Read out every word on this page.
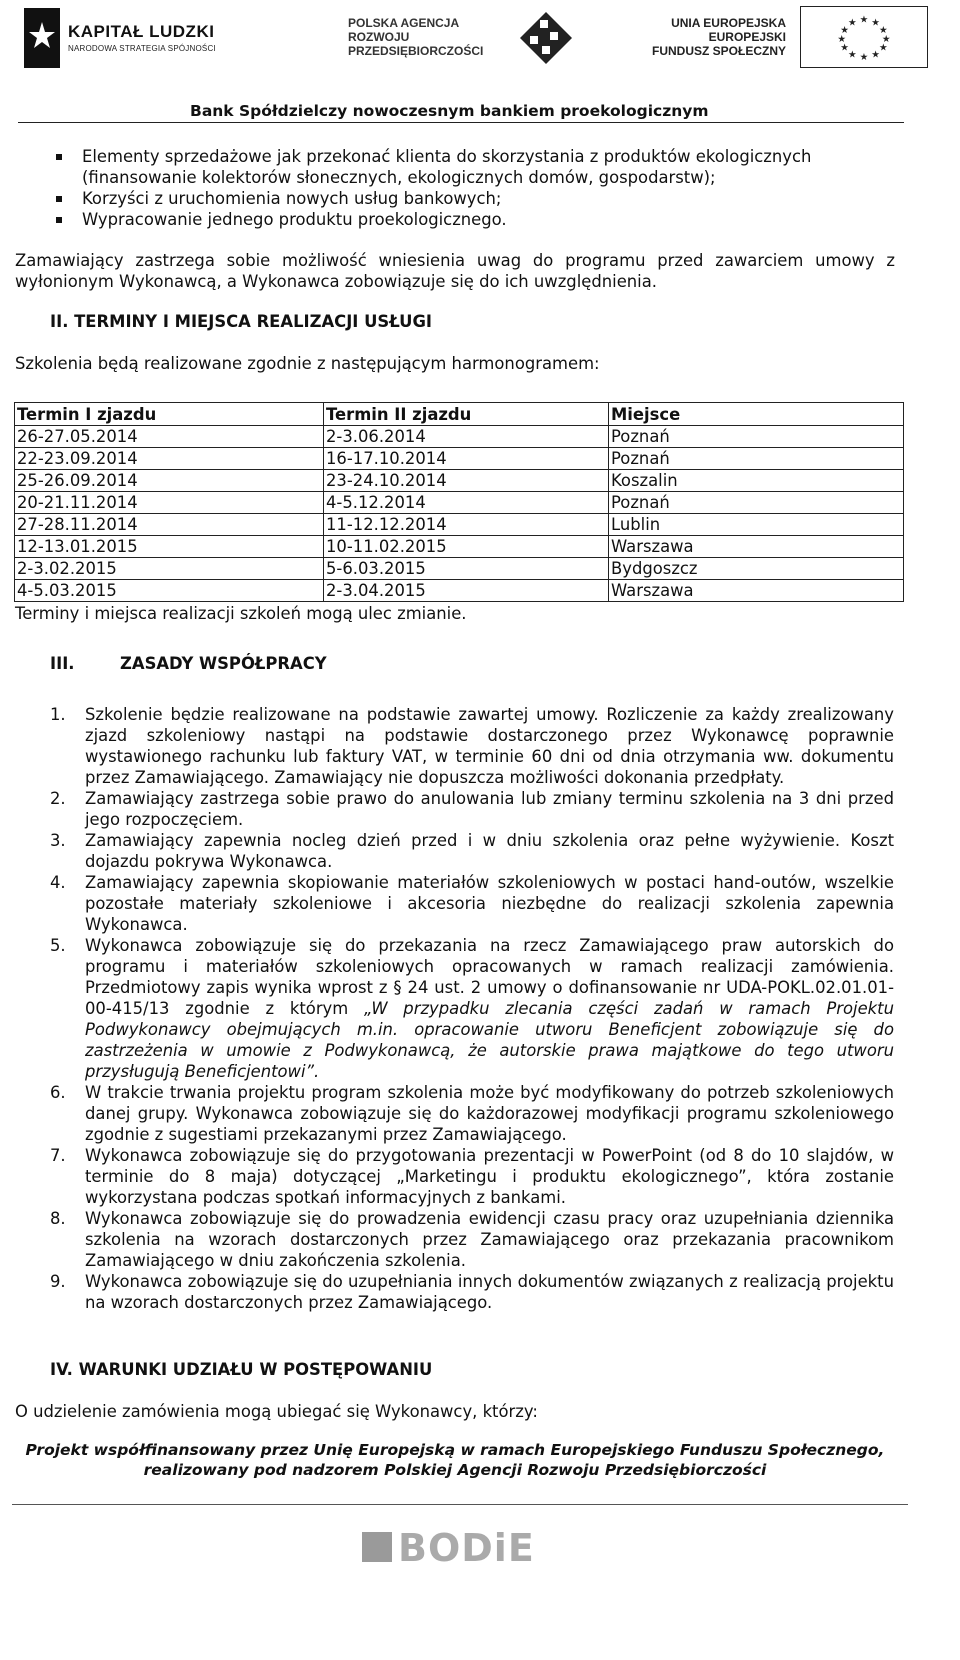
KAPITAŁ LUDZKI
NARODOWA STRATEGIA SPÓJNOŚCI
POLSKA AGENCJA
ROZWOJU
PRZEDSIĘBIORCZOŚCI
UNIA EUROPEJSKA
EUROPEJSKI
FUNDUSZ SPOŁECZNY
★ ★
★
★
★
★
★
★
★
★
★
★
Bank Spółdzielczy nowoczesnym bankiem proekologicznym
Elementy sprzedażowe jak przekonać klienta do skorzystania z produktów ekologicznych (finansowanie kolektorów słonecznych, ekologicznych domów, gospodarstw);
Korzyści z uruchomienia nowych usług bankowych;
Wypracowanie jednego produktu proekologicznego.
Zamawiający zastrzega sobie możliwość wniesienia uwag do programu przed zawarciem umowy z wyłonionym Wykonawcą, a Wykonawca zobowiązuje się do ich uwzględnienia.
II. TERMINY I MIEJSCA REALIZACJI USŁUGI
Szkolenia będą realizowane zgodnie z następującym harmonogramem:
Termin I zjazdu	Termin II zjazdu	Miejsce
26-27.05.2014	2-3.06.2014	Poznań
22-23.09.2014	16-17.10.2014	Poznań
25-26.09.2014	23-24.10.2014	Koszalin
20-21.11.2014	4-5.12.2014	Poznań
27-28.11.2014	11-12.12.2014	Lublin
12-13.01.2015	10-11.02.2015	Warszawa
2-3.02.2015	5-6.03.2015	Bydgoszcz
4-5.03.2015	2-3.04.2015	Warszawa
Terminy i miejsca realizacji szkoleń mogą ulec zmianie.
III.	ZASADY WSPÓŁPRACY
1. Szkolenie będzie realizowane na podstawie zawartej umowy. Rozliczenie za każdy zrealizowany zjazd szkoleniowy nastąpi na podstawie dostarczonego przez Wykonawcę poprawnie wystawionego rachunku lub faktury VAT, w terminie 60 dni od dnia otrzymania ww. dokumentu przez Zamawiającego. Zamawiający nie dopuszcza możliwości dokonania przedpłaty.
2. Zamawiający zastrzega sobie prawo do anulowania lub zmiany terminu szkolenia na 3 dni przed jego rozpoczęciem.
3. Zamawiający zapewnia nocleg dzień przed i w dniu szkolenia oraz pełne wyżywienie. Koszt dojazdu pokrywa Wykonawca.
4. Zamawiający zapewnia skopiowanie materiałów szkoleniowych w postaci hand-outów, wszelkie pozostałe materiały szkoleniowe i akcesoria niezbędne do realizacji szkolenia zapewnia Wykonawca.
5. Wykonawca zobowiązuje się do przekazania na rzecz Zamawiającego praw autorskich do programu i materiałów szkoleniowych opracowanych w ramach realizacji zamówienia. Przedmiotowy zapis wynika wprost z § 24 ust. 2 umowy o dofinansowanie nr UDA-POKL.02.01.01-00-415/13 zgodnie z którym „W przypadku zlecania części zadań w ramach Projektu Podwykonawcy obejmujących m.in. opracowanie utworu Beneficjent zobowiązuje się do zastrzeżenia w umowie z Podwykonawcą, że autorskie prawa majątkowe do tego utworu przysługują Beneficjentowi”.
6. W trakcie trwania projektu program szkolenia może być modyfikowany do potrzeb szkoleniowych danej grupy. Wykonawca zobowiązuje się do każdorazowej modyfikacji programu szkoleniowego zgodnie z sugestiami przekazanymi przez Zamawiającego.
7. Wykonawca zobowiązuje się do przygotowania prezentacji w PowerPoint (od 8 do 10 slajdów, w terminie do 8 maja) dotyczącej „Marketingu i produktu ekologicznego”, która zostanie wykorzystana podczas spotkań informacyjnych z bankami.
8. Wykonawca zobowiązuje się do prowadzenia ewidencji czasu pracy oraz uzupełniania dziennika szkolenia na wzorach dostarczonych przez Zamawiającego oraz przekazania pracownikom Zamawiającego w dniu zakończenia szkolenia.
9. Wykonawca zobowiązuje się do uzupełniania innych dokumentów związanych z realizacją projektu na wzorach dostarczonych przez Zamawiającego.
IV. WARUNKI UDZIAŁU W POSTĘPOWANIU
O udzielenie zamówienia mogą ubiegać się Wykonawcy, którzy:
Projekt współfinansowany przez Unię Europejską w ramach Europejskiego Funduszu Społecznego,
realizowany pod nadzorem Polskiej Agencji Rozwoju Przedsiębiorczości
BODiE
